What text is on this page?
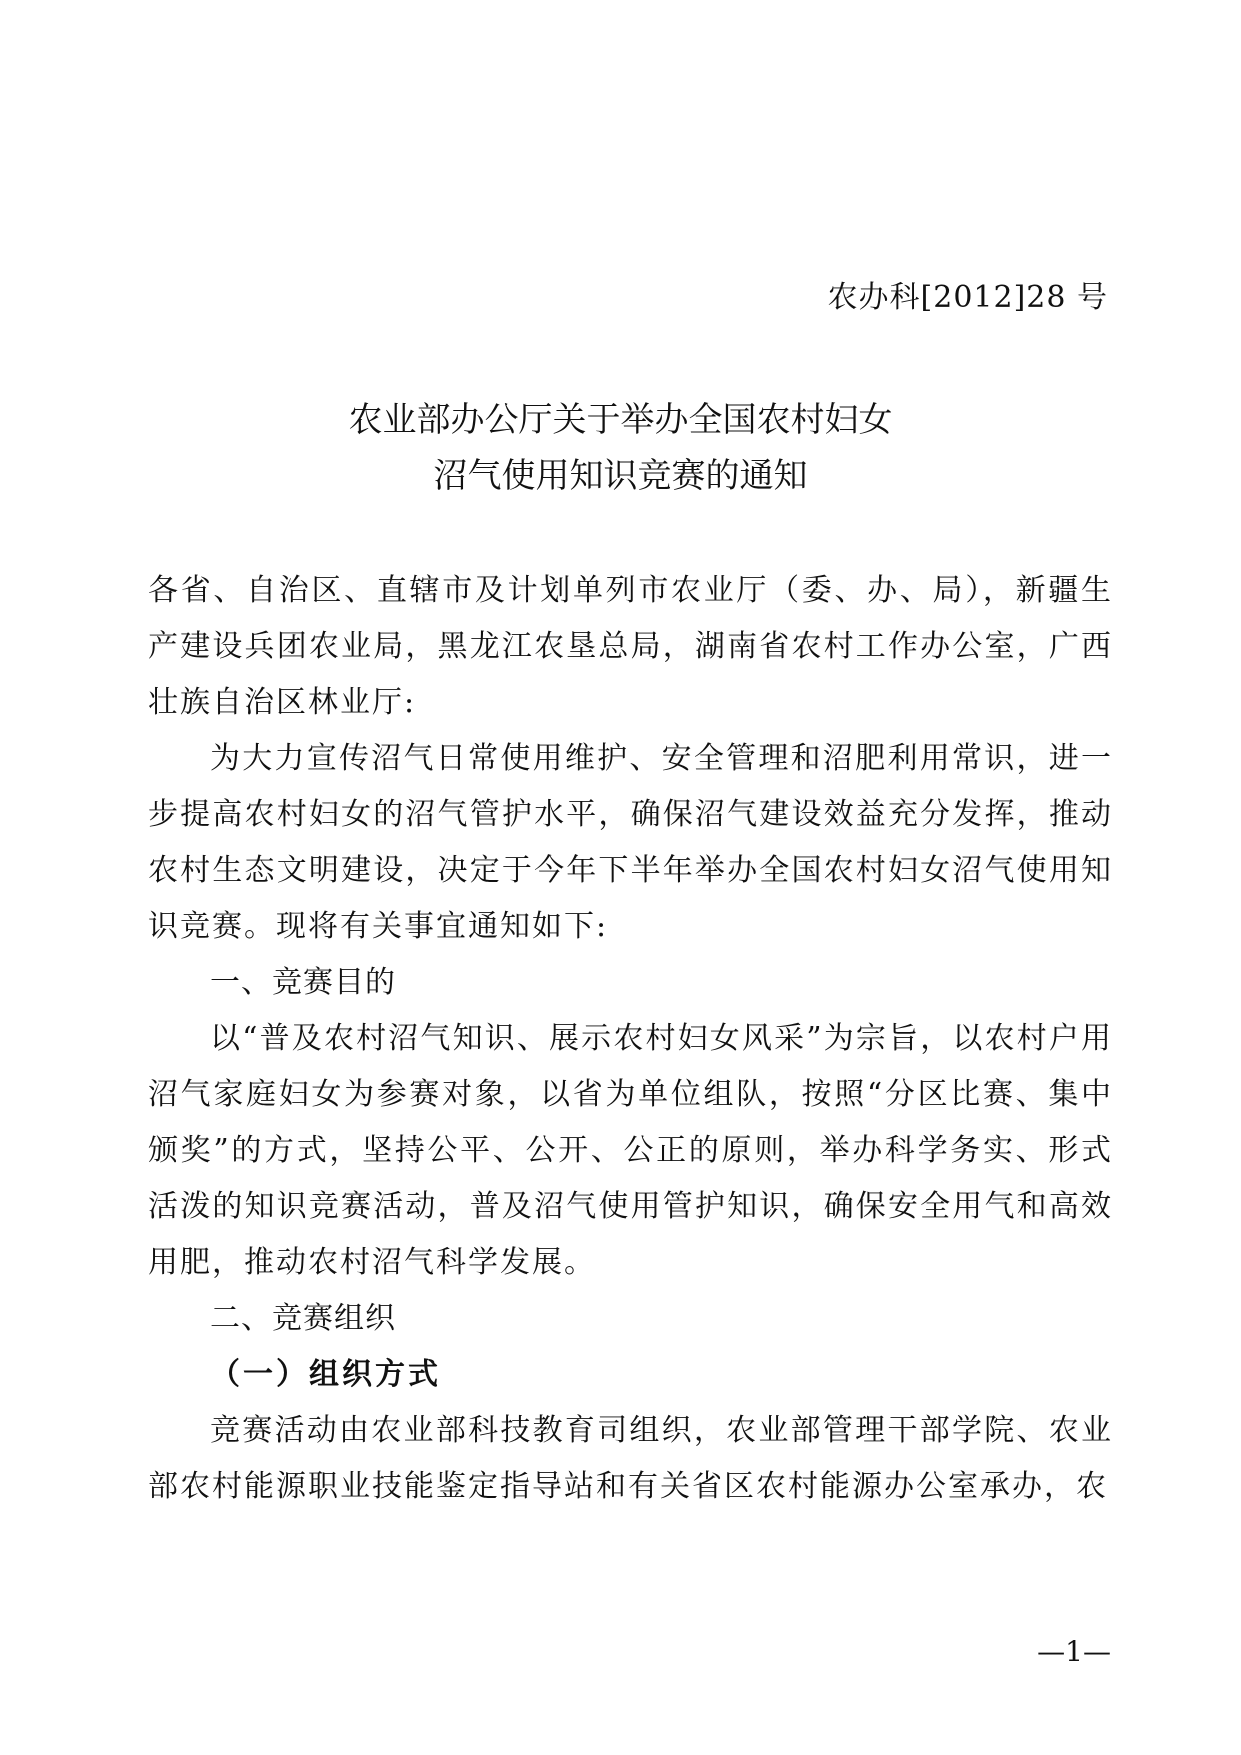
农办科[2012]28 号
农业部办公厅关于举办全国农村妇女
沼气使用知识竞赛的通知

各省、自治区、直辖市及计划单列市农业厅（委、办、局），新疆生产建设兵团农业局，黑龙江农垦总局，湖南省农村工作办公室，广西壮族自治区林业厅:

为大力宣传沼气日常使用维护、安全管理和沼肥利用常识，进一步提高农村妇女的沼气管护水平，确保沼气建设效益充分发挥，推动农村生态文明建设，决定于今年下半年举办全国农村妇女沼气使用知识竞赛。现将有关事宜通知如下:

一、竞赛目的

以“普及农村沼气知识、展示农村妇女风采”为宗旨，以农村户用沼气家庭妇女为参赛对象，以省为单位组队，按照“分区比赛、集中颁奖”的方式，坚持公平、公开、公正的原则，举办科学务实、形式活泼的知识竞赛活动，普及沼气使用管护知识，确保安全用气和高效用肥，推动农村沼气科学发展。

二、竞赛组织

（一）组织方式

竞赛活动由农业部科技教育司组织，农业部管理干部学院、农业部农村能源职业技能鉴定指导站和有关省区农村能源办公室承办，农

—1—
